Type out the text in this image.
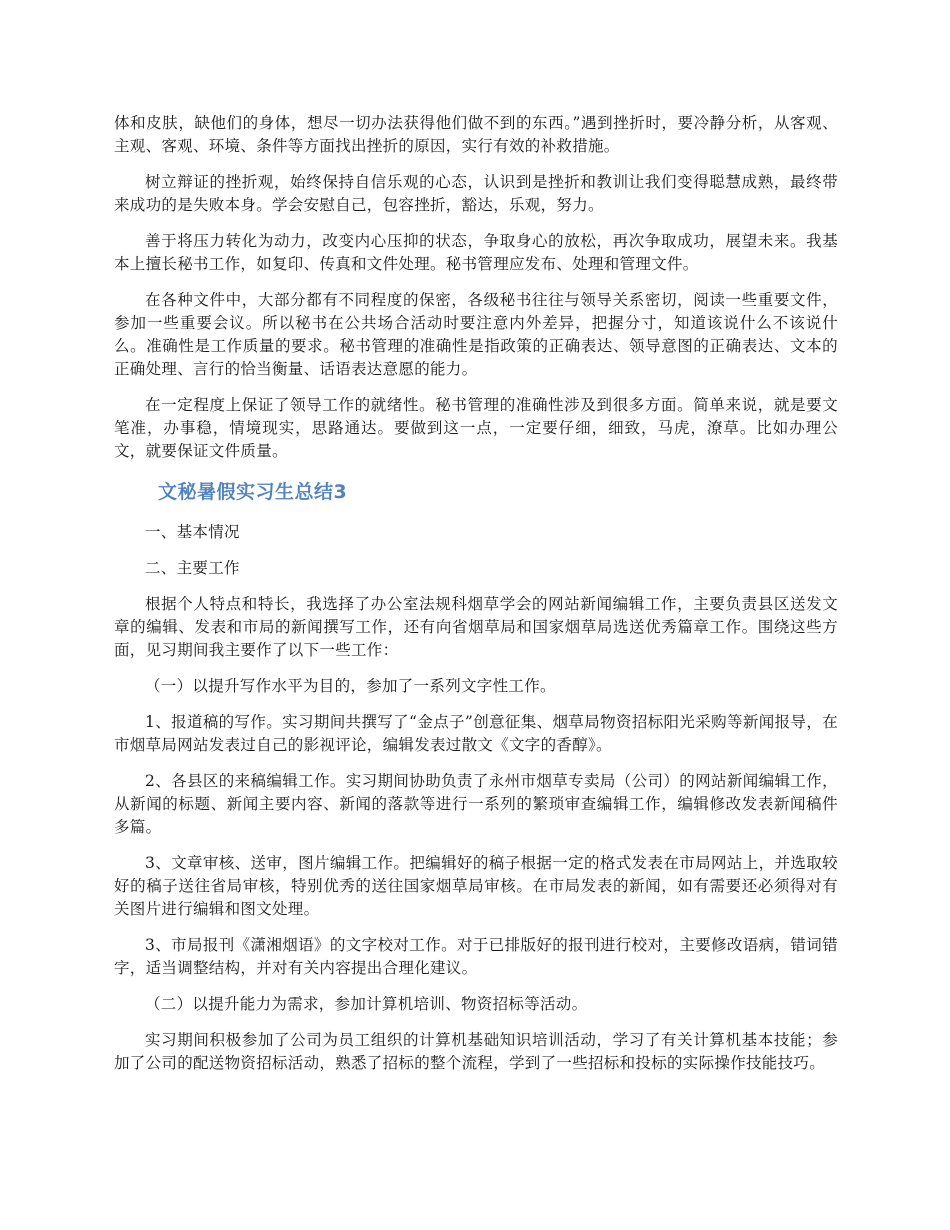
体和皮肤，缺他们的身体，想尽一切办法获得他们做不到的东西。”遇到挫折时，要冷静分析，从客观、主观、客观、环境、条件等方面找出挫折的原因，实行有效的补救措施。

树立辩证的挫折观，始终保持自信乐观的心态，认识到是挫折和教训让我们变得聪慧成熟，最终带来成功的是失败本身。学会安慰自己，包容挫折，豁达，乐观，努力。

善于将压力转化为动力，改变内心压抑的状态，争取身心的放松，再次争取成功，展望未来。我基本上擅长秘书工作，如复印、传真和文件处理。秘书管理应发布、处理和管理文件。

在各种文件中，大部分都有不同程度的保密，各级秘书往往与领导关系密切，阅读一些重要文件，参加一些重要会议。所以秘书在公共场合活动时要注意内外差异，把握分寸，知道该说什么不该说什么。准确性是工作质量的要求。秘书管理的准确性是指政策的正确表达、领导意图的正确表达、文本的正确处理、言行的恰当衡量、话语表达意愿的能力。

在一定程度上保证了领导工作的就绪性。秘书管理的准确性涉及到很多方面。简单来说，就是要文笔准，办事稳，情境现实，思路通达。要做到这一点，一定要仔细，细致，马虎，潦草。比如办理公文，就要保证文件质量。

文秘暑假实习生总结3

一、基本情况

二、主要工作

根据个人特点和特长，我选择了办公室法规科烟草学会的网站新闻编辑工作，主要负责县区送发文章的编辑、发表和市局的新闻撰写工作，还有向省烟草局和国家烟草局选送优秀篇章工作。围绕这些方面，见习期间我主要作了以下一些工作：

（一）以提升写作水平为目的，参加了一系列文字性工作。

1、报道稿的写作。实习期间共撰写了“金点子”创意征集、烟草局物资招标阳光采购等新闻报导，在市烟草局网站发表过自己的影视评论，编辑发表过散文《文字的香醇》。

2、各县区的来稿编辑工作。实习期间协助负责了永州市烟草专卖局（公司）的网站新闻编辑工作，从新闻的标题、新闻主要内容、新闻的落款等进行一系列的繁琐审查编辑工作，编辑修改发表新闻稿件多篇。

3、文章审核、送审，图片编辑工作。把编辑好的稿子根据一定的格式发表在市局网站上，并选取较好的稿子送往省局审核，特别优秀的送往国家烟草局审核。在市局发表的新闻，如有需要还必须得对有关图片进行编辑和图文处理。

3、市局报刊《潇湘烟语》的文字校对工作。对于已排版好的报刊进行校对，主要修改语病，错词错字，适当调整结构，并对有关内容提出合理化建议。

（二）以提升能力为需求，参加计算机培训、物资招标等活动。

实习期间积极参加了公司为员工组织的计算机基础知识培训活动，学习了有关计算机基本技能；参加了公司的配送物资招标活动，熟悉了招标的整个流程，学到了一些招标和投标的实际操作技能技巧。
